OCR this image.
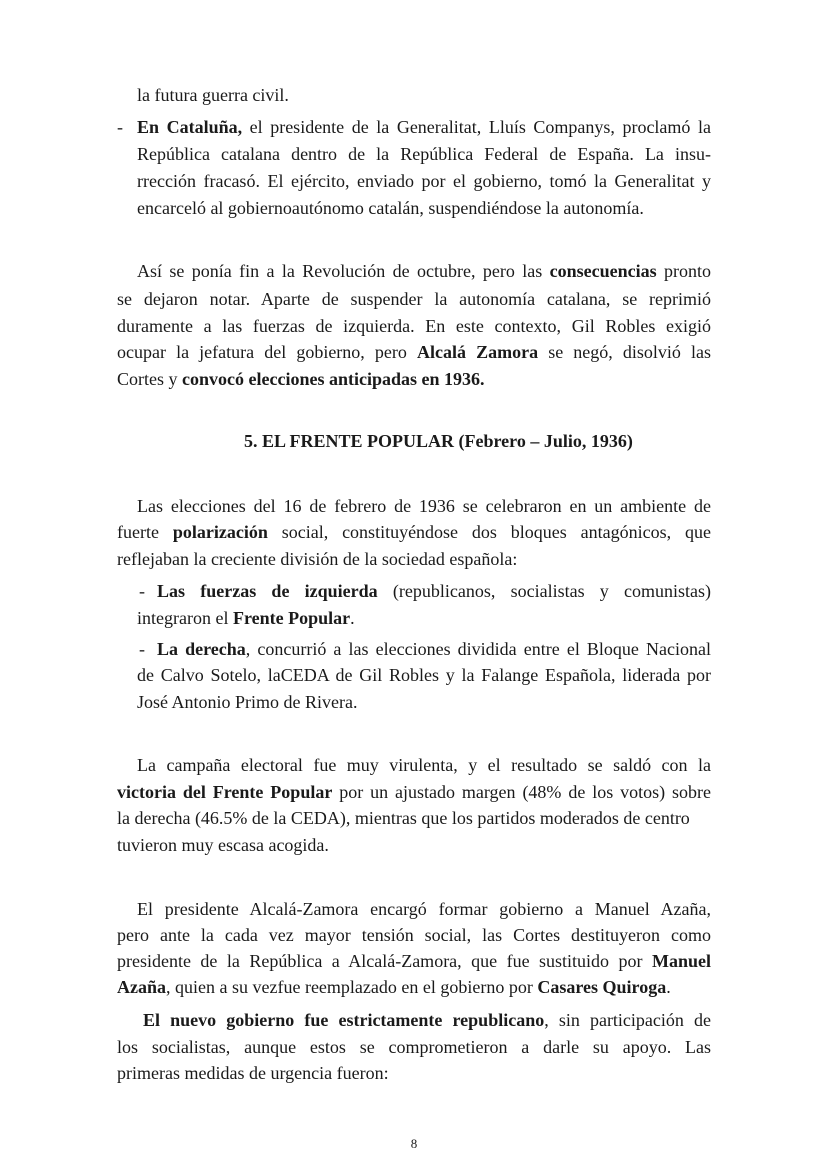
la futura guerra civil.

- En Cataluña, el presidente de la Generalitat, Lluís Companys, proclamó la

República catalana dentro de la República Federal de España. La insu-

rrección fracasó. El ejército, enviado por el gobierno, tomó la Generalitat y

encarceló al gobiernoautónomo catalán, suspendiéndose la autonomía.

Así se ponía fin a la Revolución de octubre, pero las consecuencias pronto

se dejaron notar. Aparte de suspender la autonomía catalana, se reprimió

duramente a las fuerzas de izquierda. En este contexto, Gil Robles exigió

ocupar la jefatura del gobierno, pero Alcalá Zamora se negó, disolvió las

Cortes y convocó elecciones anticipadas en 1936.

5. EL FRENTE POPULAR (Febrero – Julio, 1936)

Las elecciones del 16 de febrero de 1936 se celebraron en un ambiente de

fuerte polarización social, constituyéndose dos bloques antagónicos, que

reflejaban la creciente división de la sociedad española:

- Las fuerzas de izquierda (republicanos, socialistas y comunistas)

integraron el Frente Popular.

- La derecha, concurrió a las elecciones dividida entre el Bloque Nacional

de Calvo Sotelo, laCEDA de Gil Robles y la Falange Española, liderada por

José Antonio Primo de Rivera.

La campaña electoral fue muy virulenta, y el resultado se saldó con la

victoria del Frente Popular por un ajustado margen (48% de los votos) sobre

la derecha (46.5% de la CEDA), mientras que los partidos moderados de centro

tuvieron muy escasa acogida.

El presidente Alcalá-Zamora encargó formar gobierno a Manuel Azaña,

pero ante la cada vez mayor tensión social, las Cortes destituyeron como

presidente de la República a Alcalá-Zamora, que fue sustituido por Manuel

Azaña, quien a su vezfue reemplazado en el gobierno por Casares Quiroga.

El nuevo gobierno fue estrictamente republicano, sin participación de

los socialistas, aunque estos se comprometieron a darle su apoyo. Las

primeras medidas de urgencia fueron:

8
